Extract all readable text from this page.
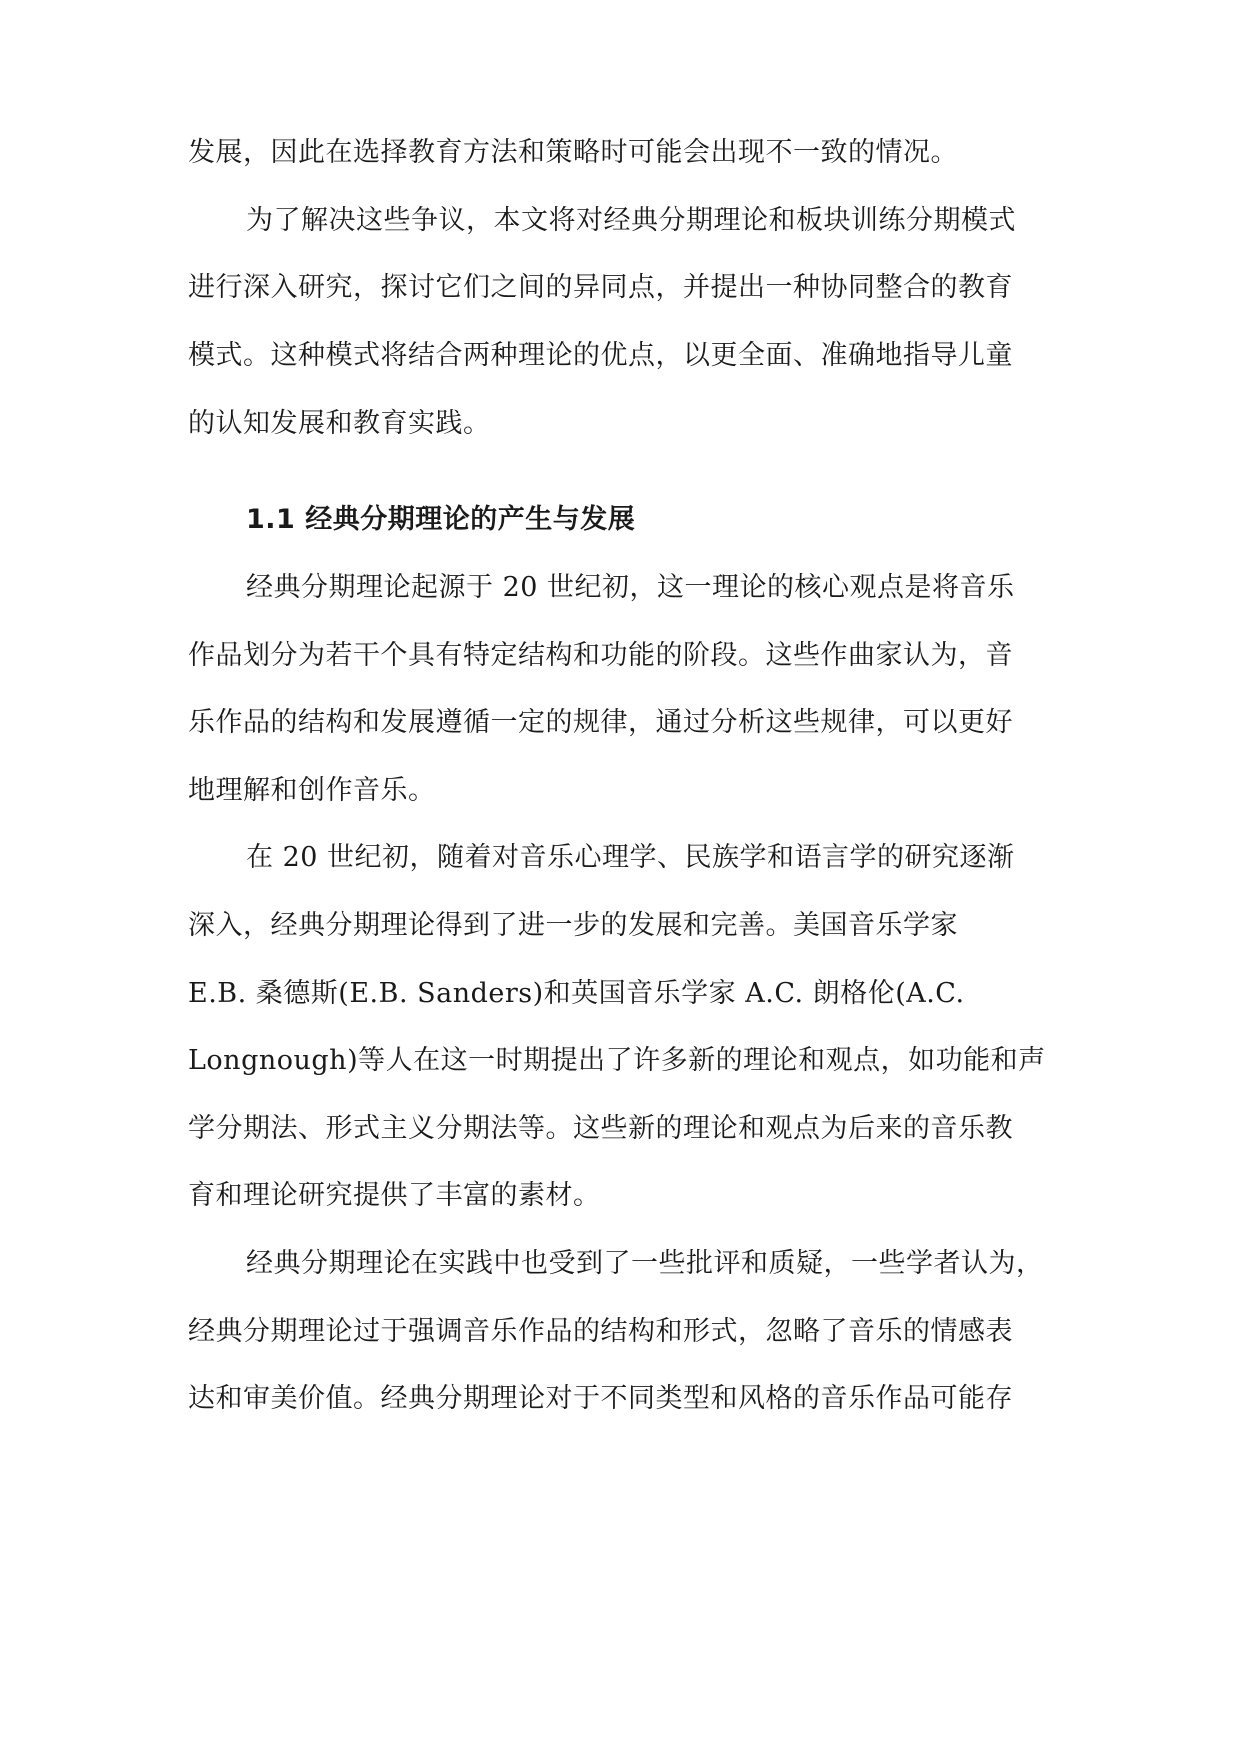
发展，因此在选择教育方法和策略时可能会出现不一致的情况。
为了解决这些争议，本文将对经典分期理论和板块训练分期模式
进行深入研究，探讨它们之间的异同点，并提出一种协同整合的教育
模式。这种模式将结合两种理论的优点，以更全面、准确地指导儿童
的认知发展和教育实践。
1.1 经典分期理论的产生与发展
经典分期理论起源于 20 世纪初，这一理论的核心观点是将音乐
作品划分为若干个具有特定结构和功能的阶段。这些作曲家认为，音
乐作品的结构和发展遵循一定的规律，通过分析这些规律，可以更好
地理解和创作音乐。
在 20 世纪初，随着对音乐心理学、民族学和语言学的研究逐渐
深入，经典分期理论得到了进一步的发展和完善。美国音乐学家
E.B. 桑德斯(E.B. Sanders)和英国音乐学家 A.C. 朗格伦(A.C.
Longnough)等人在这一时期提出了许多新的理论和观点，如功能和声
学分期法、形式主义分期法等。这些新的理论和观点为后来的音乐教
育和理论研究提供了丰富的素材。
经典分期理论在实践中也受到了一些批评和质疑，一些学者认为，
经典分期理论过于强调音乐作品的结构和形式，忽略了音乐的情感表
达和审美价值。经典分期理论对于不同类型和风格的音乐作品可能存
